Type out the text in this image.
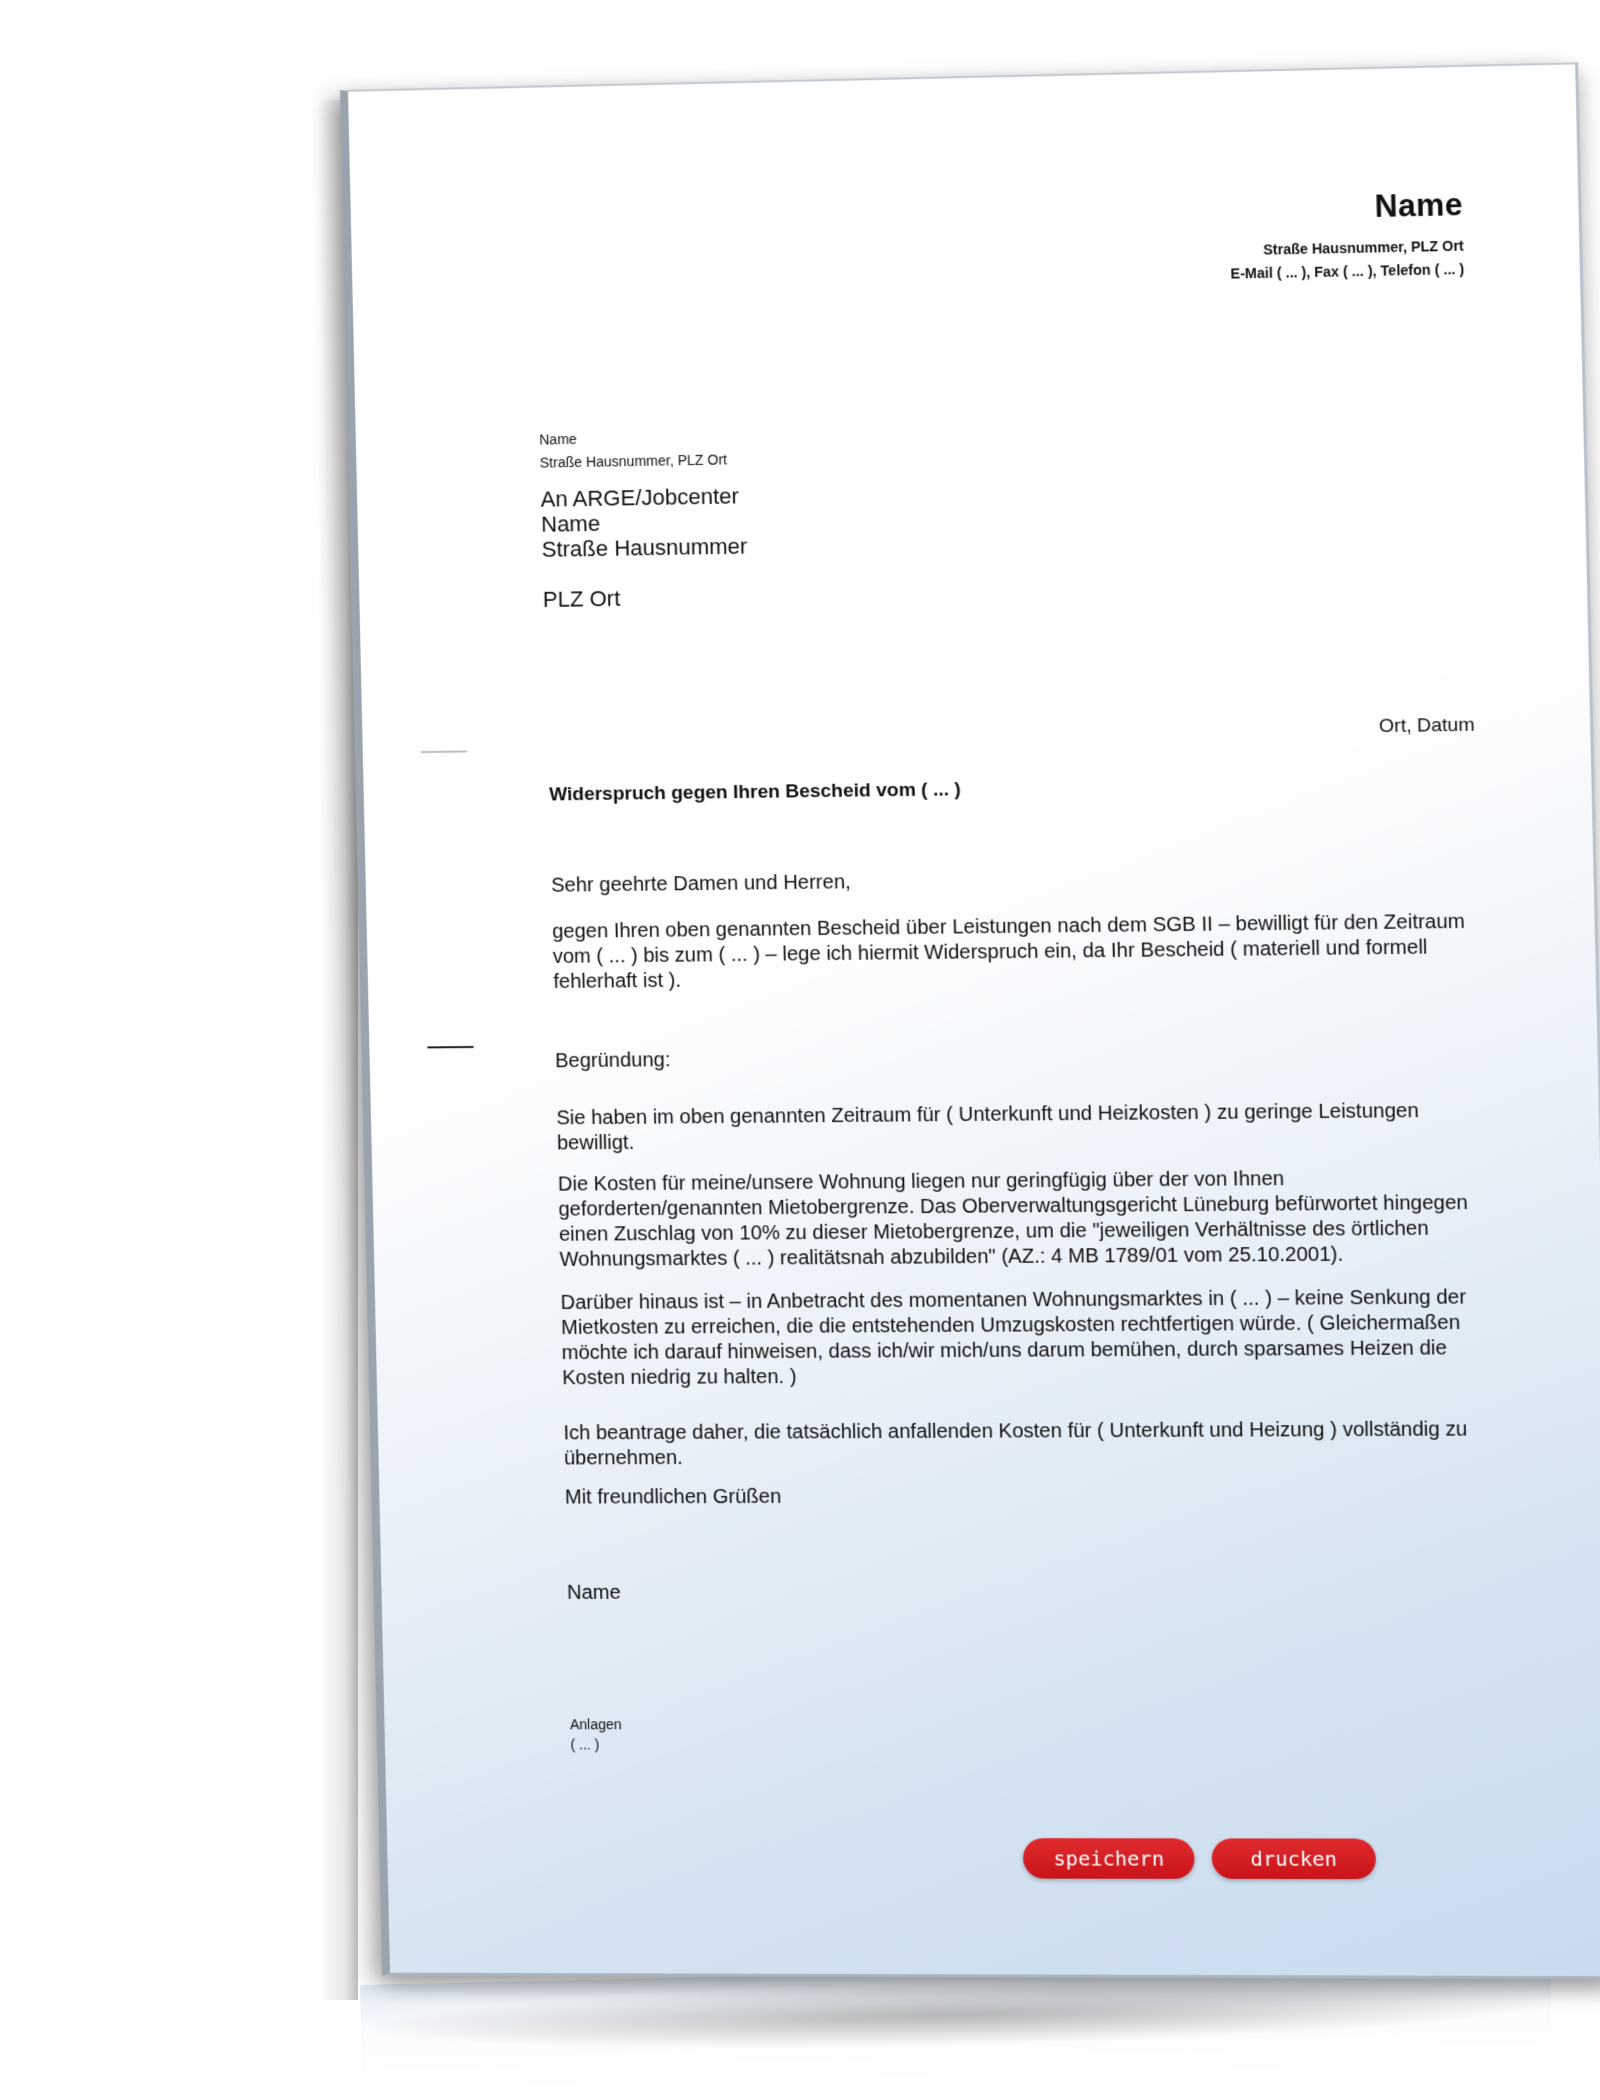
Name
Straße Hausnummer, PLZ Ort
E-Mail ( ... ), Fax ( ... ), Telefon ( ... )
Name
Straße Hausnummer, PLZ Ort
An ARGE/Jobcenter
Name
Straße Hausnummer
PLZ Ort
Ort, Datum
Widerspruch gegen Ihren Bescheid vom ( ... )
Sehr geehrte Damen und Herren,
gegen Ihren oben genannten Bescheid über Leistungen nach dem SGB II – bewilligt für den Zeitraum
vom ( ... ) bis zum ( ... ) – lege ich hiermit Widerspruch ein, da Ihr Bescheid ( materiell und formell
fehlerhaft ist ).
Begründung:
Sie haben im oben genannten Zeitraum für ( Unterkunft und Heizkosten ) zu geringe Leistungen
bewilligt.
Die Kosten für meine/unsere Wohnung liegen nur geringfügig über der von Ihnen
geforderten/genannten Mietobergrenze. Das Oberverwaltungsgericht Lüneburg befürwortet hingegen
einen Zuschlag von 10% zu dieser Mietobergrenze, um die "jeweiligen Verhältnisse des örtlichen
Wohnungsmarktes ( ... ) realitätsnah abzubilden" (AZ.: 4 MB 1789/01 vom 25.10.2001).
Darüber hinaus ist – in Anbetracht des momentanen Wohnungsmarktes in ( ... ) – keine Senkung der
Mietkosten zu erreichen, die die entstehenden Umzugskosten rechtfertigen würde. ( Gleichermaßen
möchte ich darauf hinweisen, dass ich/wir mich/uns darum bemühen, durch sparsames Heizen die
Kosten niedrig zu halten. )
Ich beantrage daher, die tatsächlich anfallenden Kosten für ( Unterkunft und Heizung ) vollständig zu
übernehmen.
Mit freundlichen Grüßen
Name
Anlagen
( ... )
speichern	drucken
